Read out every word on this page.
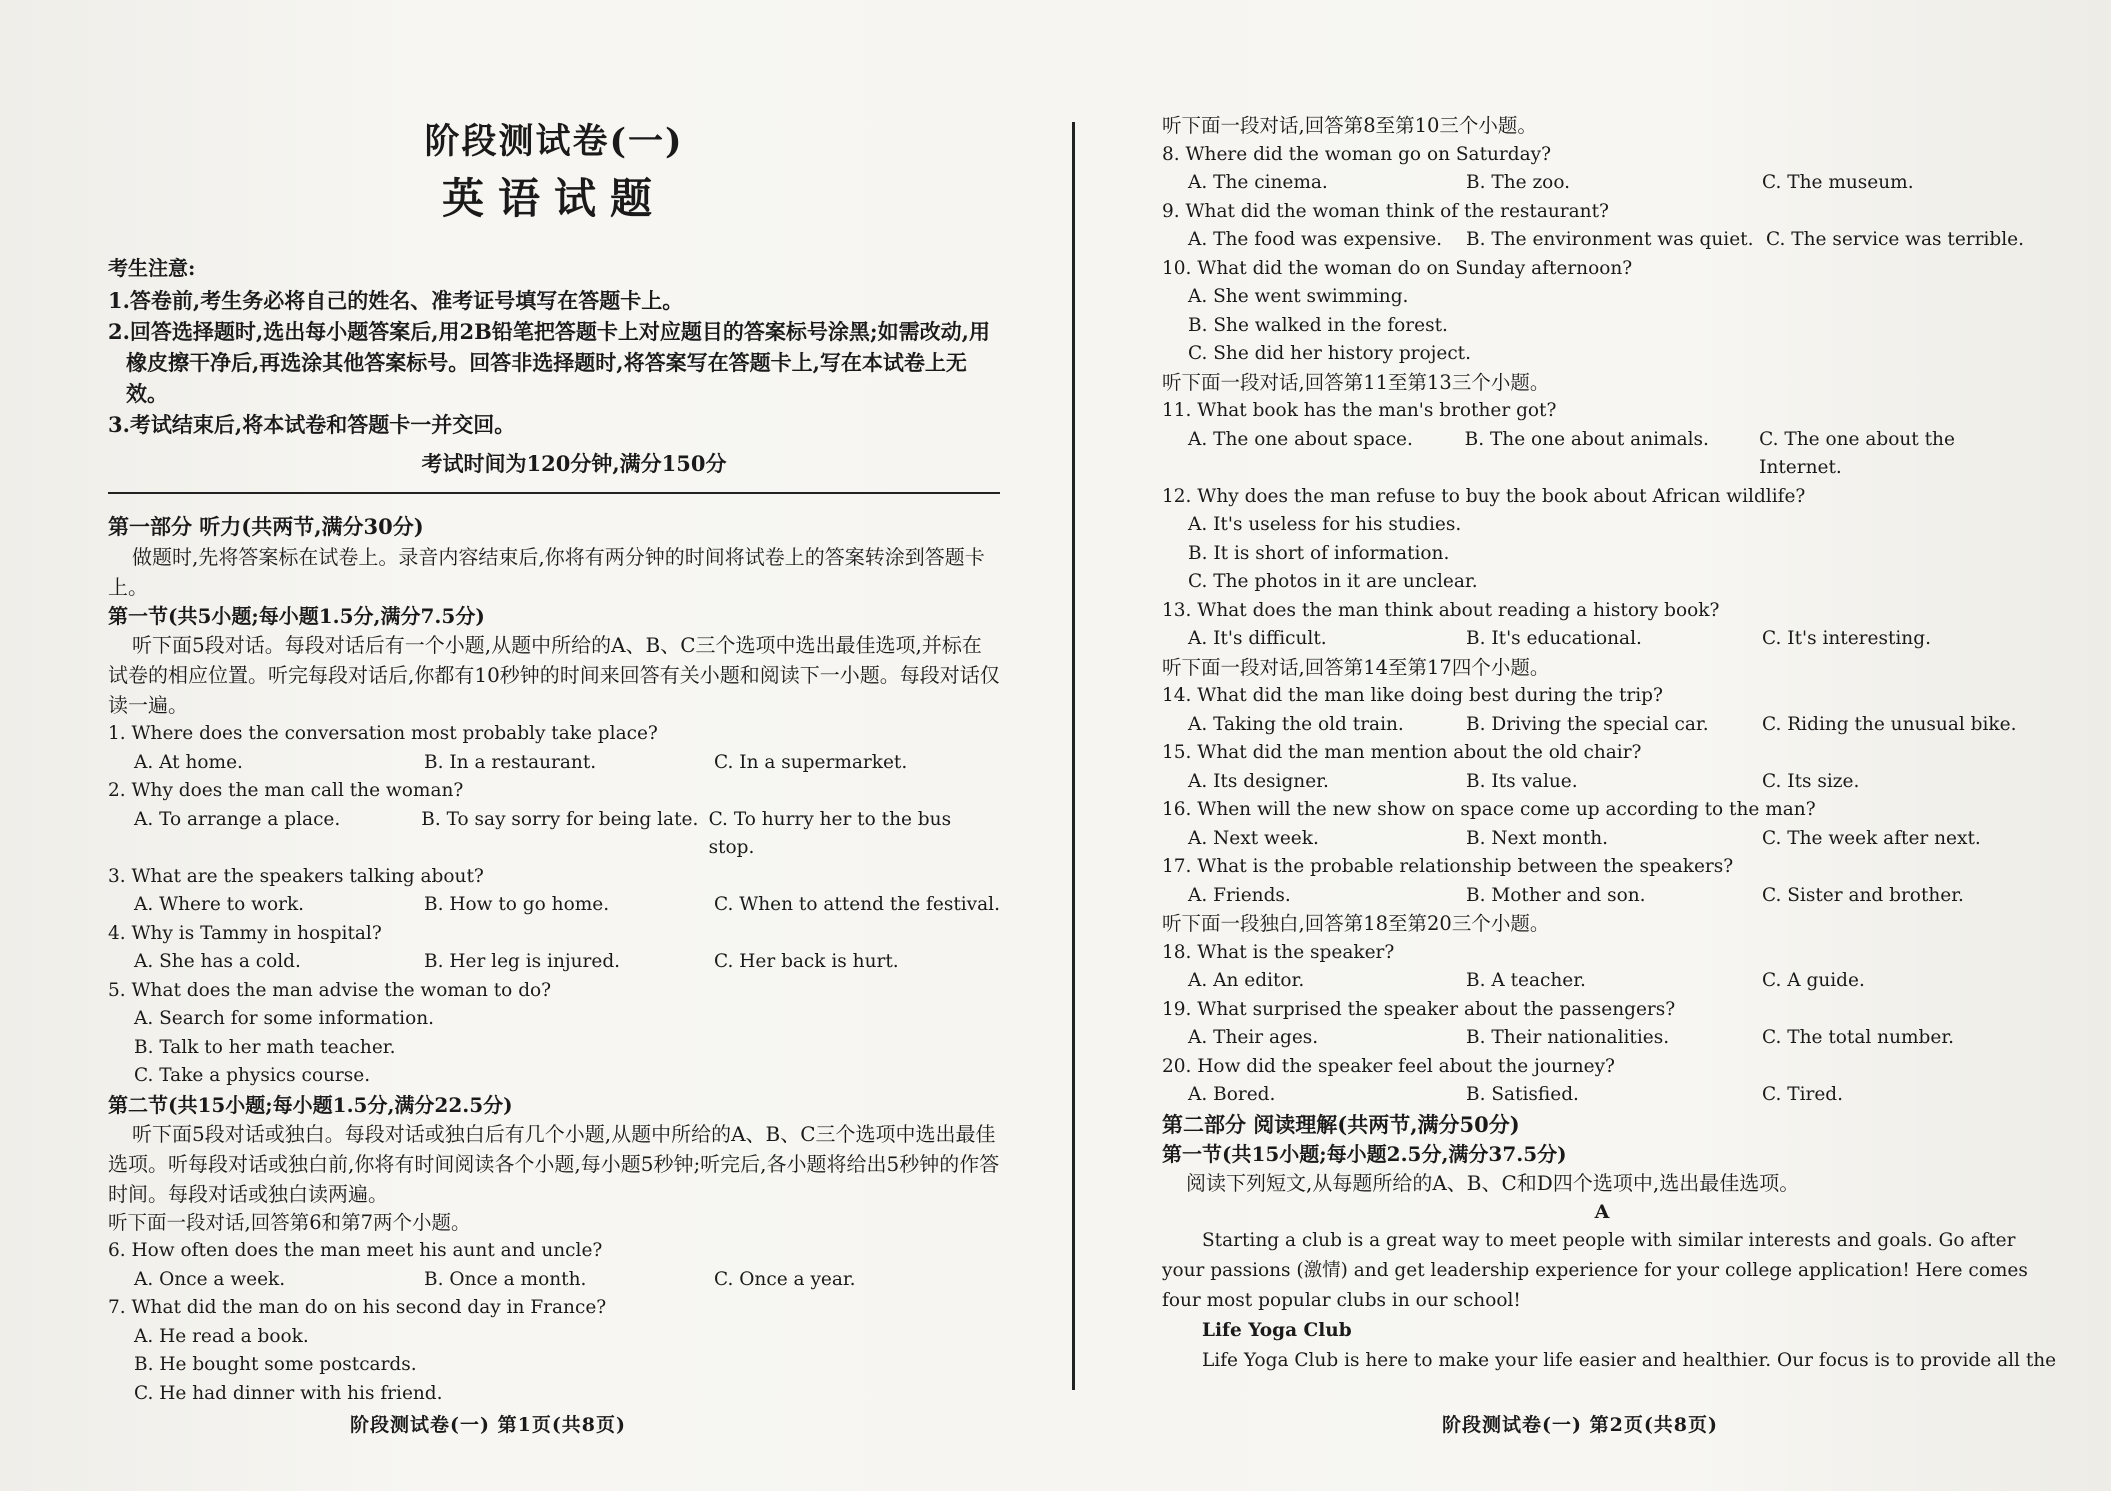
阶段测试卷(一)
英语试题
考生注意:
1.答卷前,考生务必将自己的姓名、准考证号填写在答题卡上。
2.回答选择题时,选出每小题答案后,用2B铅笔把答题卡上对应题目的答案标号涂黑;如需改动,用橡皮擦干净后,再选涂其他答案标号。回答非选择题时,将答案写在答题卡上,写在本试卷上无效。
3.考试结束后,将本试卷和答题卡一并交回。
考试时间为120分钟,满分150分
第一部分 听力(共两节,满分30分)
做题时,先将答案标在试卷上。录音内容结束后,你将有两分钟的时间将试卷上的答案转涂到答题卡上。
第一节(共5小题;每小题1.5分,满分7.5分)
听下面5段对话。每段对话后有一个小题,从题中所给的A、B、C三个选项中选出最佳选项,并标在试卷的相应位置。听完每段对话后,你都有10秒钟的时间来回答有关小题和阅读下一小题。每段对话仅读一遍。
1. Where does the conversation most probably take place?
A. At home.	B. In a restaurant.	C. In a supermarket.
2. Why does the man call the woman?
A. To arrange a place.	B. To say sorry for being late. C. To hurry her to the bus stop.
3. What are the speakers talking about?
A. Where to work.	B. How to go home.	C. When to attend the festival.
4. Why is Tammy in hospital?
A. She has a cold.	B. Her leg is injured.	C. Her back is hurt.
5. What does the man advise the woman to do?
A. Search for some information.
B. Talk to her math teacher.
C. Take a physics course.
第二节(共15小题;每小题1.5分,满分22.5分)
听下面5段对话或独白。每段对话或独白后有几个小题,从题中所给的A、B、C三个选项中选出最佳选项。听每段对话或独白前,你将有时间阅读各个小题,每小题5秒钟;听完后,各小题将给出5秒钟的作答时间。每段对话或独白读两遍。
听下面一段对话,回答第6和第7两个小题。
6. How often does the man meet his aunt and uncle?
A. Once a week.	B. Once a month.	C. Once a year.
7. What did the man do on his second day in France?
A. He read a book.
B. He bought some postcards.
C. He had dinner with his friend.
听下面一段对话,回答第8至第10三个小题。
8. Where did the woman go on Saturday?
A. The cinema.	B. The zoo.	C. The museum.
9. What did the woman think of the restaurant?
A. The food was expensive.	B. The environment was quiet. C. The service was terrible.
10. What did the woman do on Sunday afternoon?
A. She went swimming.
B. She walked in the forest.
C. She did her history project.
听下面一段对话,回答第11至第13三个小题。
11. What book has the man's brother got?
A. The one about space.	B. The one about animals.	C. The one about the Internet.
12. Why does the man refuse to buy the book about African wildlife?
A. It's useless for his studies.
B. It is short of information.
C. The photos in it are unclear.
13. What does the man think about reading a history book?
A. It's difficult.	B. It's educational.	C. It's interesting.
听下面一段对话,回答第14至第17四个小题。
14. What did the man like doing best during the trip?
A. Taking the old train.	B. Driving the special car.	C. Riding the unusual bike.
15. What did the man mention about the old chair?
A. Its designer.	B. Its value.	C. Its size.
16. When will the new show on space come up according to the man?
A. Next week.	B. Next month.	C. The week after next.
17. What is the probable relationship between the speakers?
A. Friends.	B. Mother and son.	C. Sister and brother.
听下面一段独白,回答第18至第20三个小题。
18. What is the speaker?
A. An editor.	B. A teacher.	C. A guide.
19. What surprised the speaker about the passengers?
A. Their ages.	B. Their nationalities.	C. The total number.
20. How did the speaker feel about the journey?
A. Bored.	B. Satisfied.	C. Tired.
第二部分 阅读理解(共两节,满分50分)
第一节(共15小题;每小题2.5分,满分37.5分)
阅读下列短文,从每题所给的A、B、C和D四个选项中,选出最佳选项。
A
Starting a club is a great way to meet people with similar interests and goals. Go after your passions (激情) and get leadership experience for your college application! Here comes four most popular clubs in our school!
Life Yoga Club
Life Yoga Club is here to make your life easier and healthier. Our focus is to provide all the
阶段测试卷(一) 第1页(共8页)	阶段测试卷(一) 第2页(共8页)
